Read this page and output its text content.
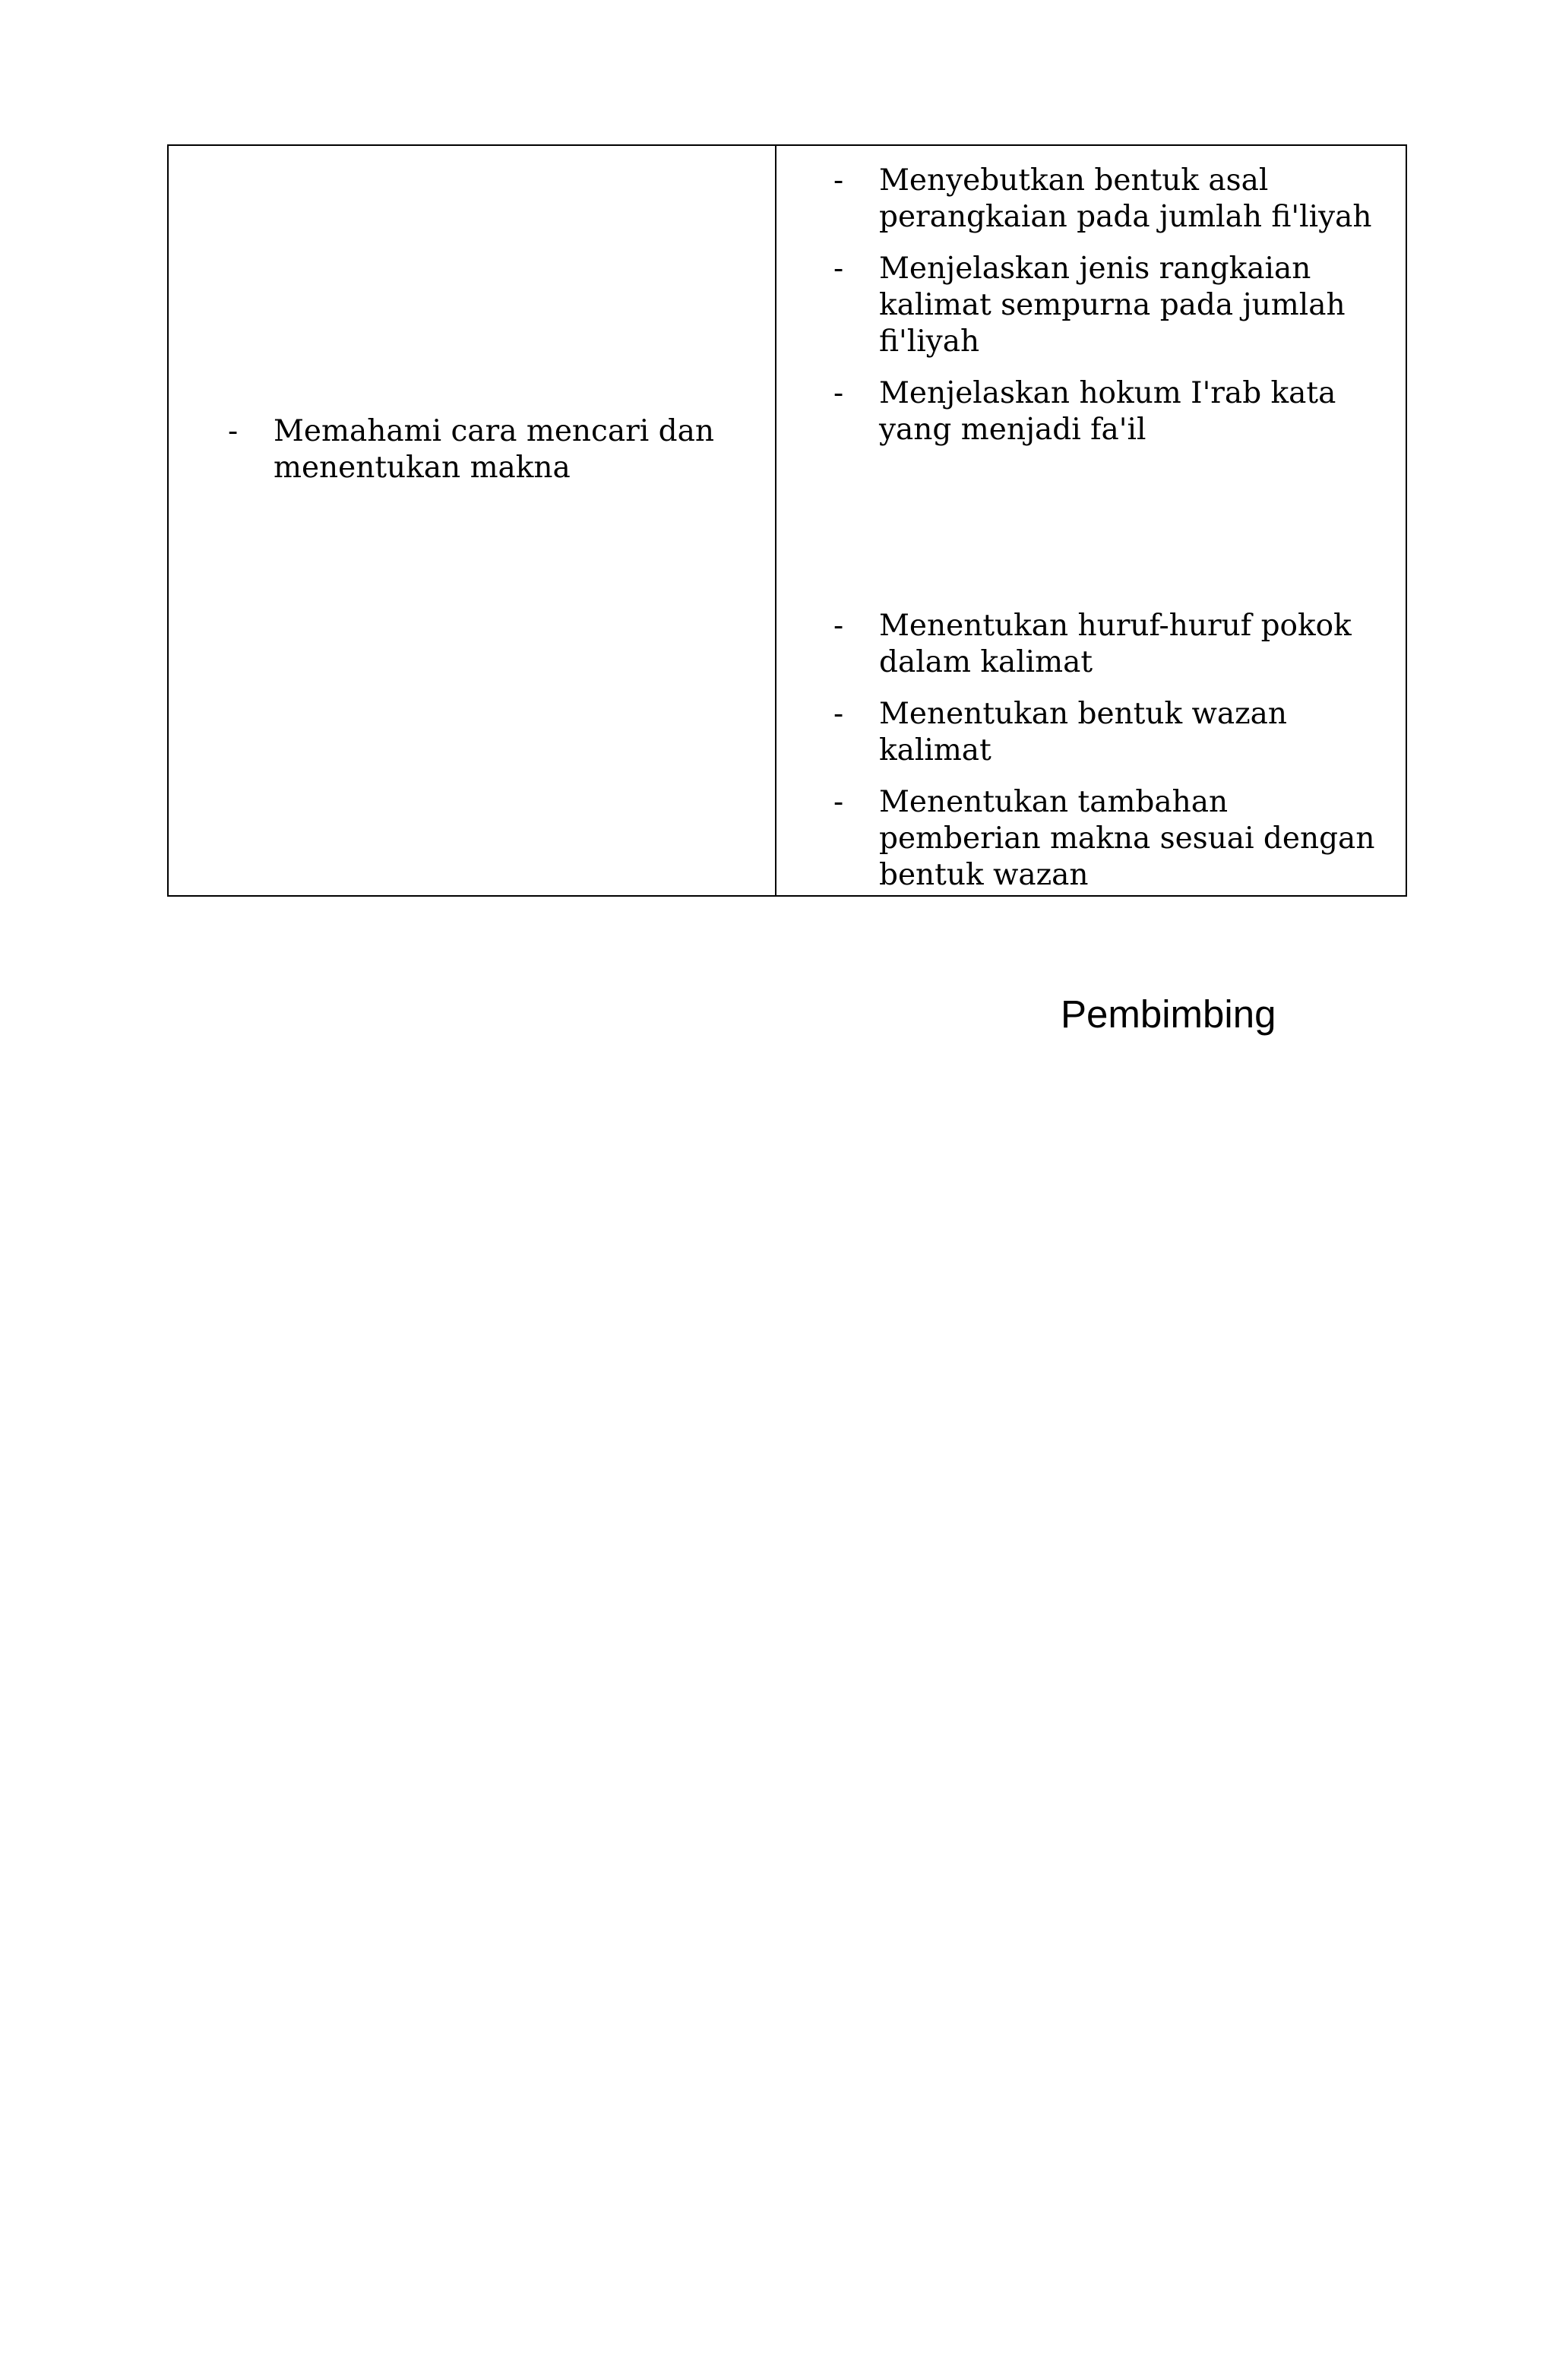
- Memahami cara mencari dan menentukan makna
- Menyebutkan bentuk asal perangkaian pada jumlah fi'liyah
- Menjelaskan jenis rangkaian kalimat sempurna pada jumlah fi'liyah
- Menjelaskan hokum I'rab kata yang menjadi fa'il
- Menentukan huruf-huruf pokok dalam kalimat
- Menentukan bentuk wazan kalimat
- Menentukan tambahan pemberian makna sesuai dengan bentuk wazan
Pembimbing
